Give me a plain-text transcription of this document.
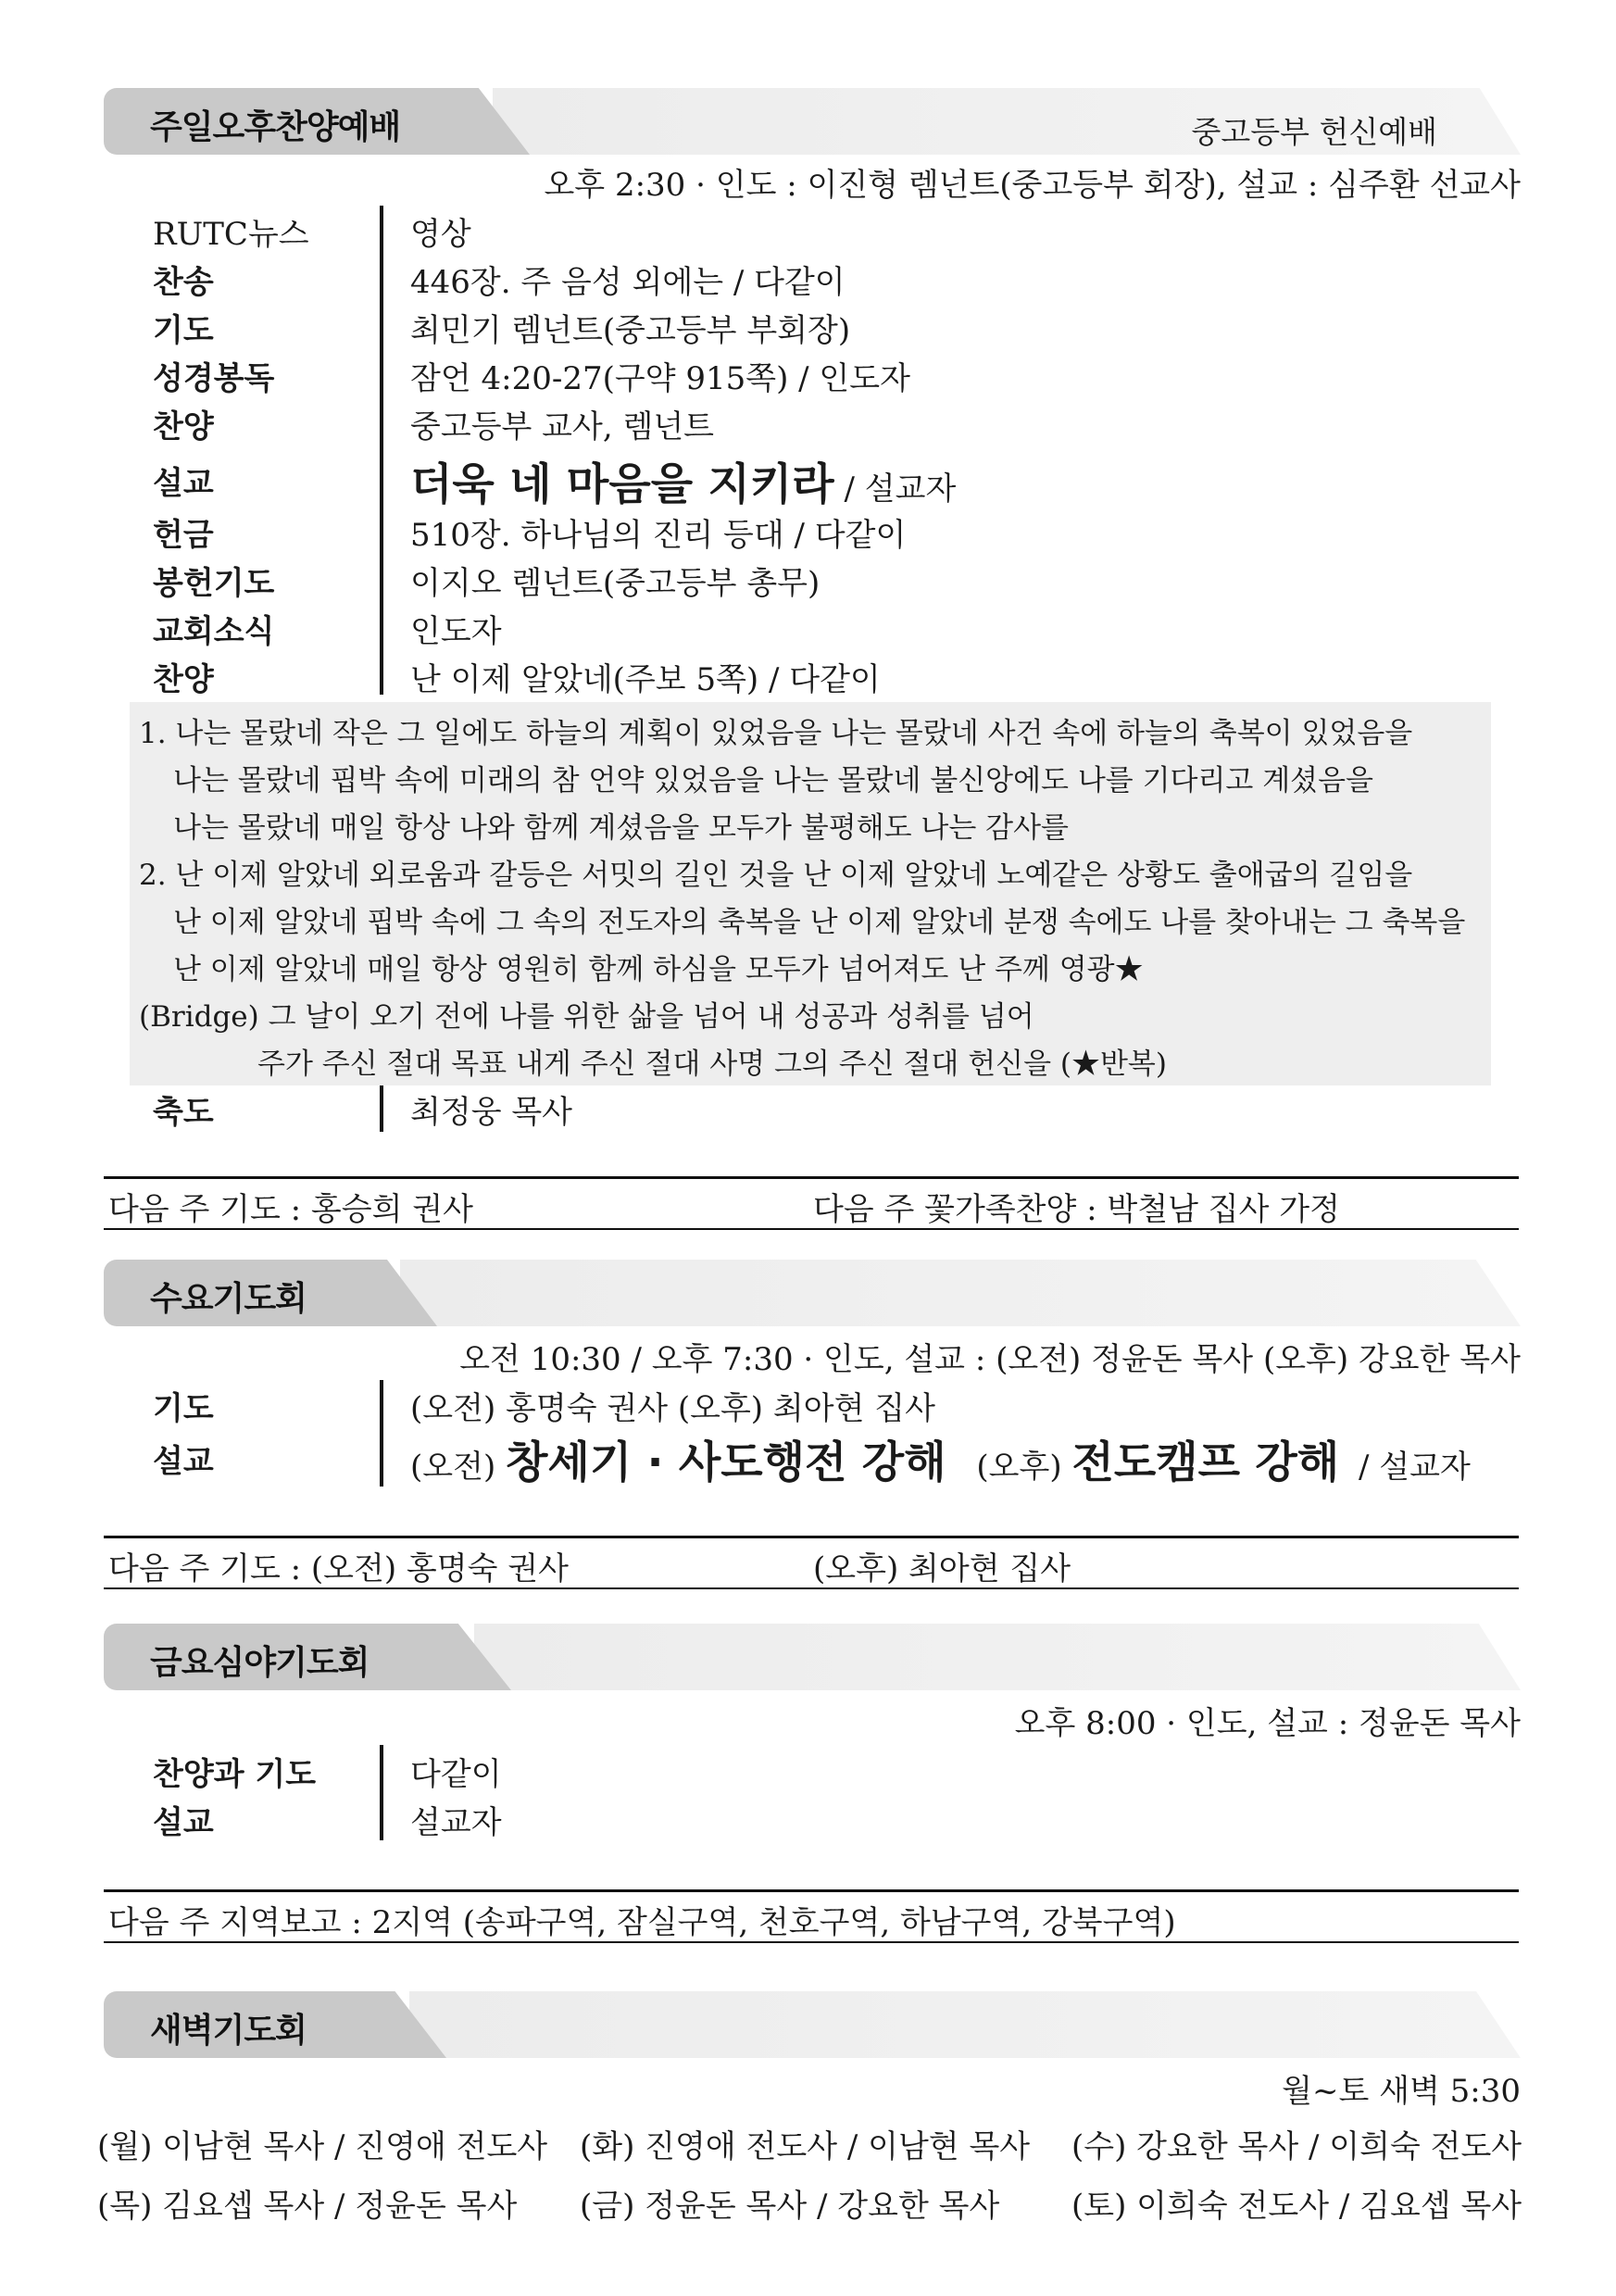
주일오후찬양예배	중고등부 헌신예배
오후 2:30 · 인도 : 이진형 렘넌트(중고등부 회장), 설교 : 심주환 선교사
RUTC뉴스	영상
찬송	446장. 주 음성 외에는 / 다같이
기도	최민기 렘넌트(중고등부 부회장)
성경봉독	잠언 4:20-27(구약 915쪽) / 인도자
찬양	중고등부 교사, 렘넌트
설교	더욱 네 마음을 지키라 / 설교자
헌금	510장. 하나님의 진리 등대 / 다같이
봉헌기도	이지오 렘넌트(중고등부 총무)
교회소식	인도자
찬양	난 이제 알았네(주보 5쪽) / 다같이
1. 나는 몰랐네 작은 그 일에도 하늘의 계획이 있었음을 나는 몰랐네 사건 속에 하늘의 축복이 있었음을
나는 몰랐네 핍박 속에 미래의 참 언약 있었음을 나는 몰랐네 불신앙에도 나를 기다리고 계셨음을
나는 몰랐네 매일 항상 나와 함께 계셨음을 모두가 불평해도 나는 감사를
2. 난 이제 알았네 외로움과 갈등은 서밋의 길인 것을 난 이제 알았네 노예같은 상황도 출애굽의 길임을
난 이제 알았네 핍박 속에 그 속의 전도자의 축복을 난 이제 알았네 분쟁 속에도 나를 찾아내는 그 축복을
난 이제 알았네 매일 항상 영원히 함께 하심을 모두가 넘어져도 난 주께 영광★
(Bridge) 그 날이 오기 전에 나를 위한 삶을 넘어 내 성공과 성취를 넘어
주가 주신 절대 목표 내게 주신 절대 사명 그의 주신 절대 헌신을 (★반복)
축도	최정웅 목사
다음 주 기도 : 홍승희 권사	다음 주 꽃가족찬양 : 박철남 집사 가정
수요기도회
오전 10:30 / 오후 7:30 · 인도, 설교 : (오전) 정윤돈 목사 (오후) 강요한 목사
기도	(오전) 홍명숙 권사 (오후) 최아현 집사
설교	(오전) 창세기 · 사도행전 강해 (오후) 전도캠프 강해 / 설교자
다음 주 기도 : (오전) 홍명숙 권사	(오후) 최아현 집사
금요심야기도회
오후 8:00 · 인도, 설교 : 정윤돈 목사
찬양과 기도	다같이
설교	설교자
다음 주 지역보고 : 2지역 (송파구역, 잠실구역, 천호구역, 하남구역, 강북구역)
새벽기도회
월~토 새벽 5:30
(월) 이남현 목사 / 진영애 전도사 (화) 진영애 전도사 / 이남현 목사 (수) 강요한 목사 / 이희숙 전도사
(목) 김요셉 목사 / 정윤돈 목사 (금) 정윤돈 목사 / 강요한 목사 (토) 이희숙 전도사 / 김요셉 목사
